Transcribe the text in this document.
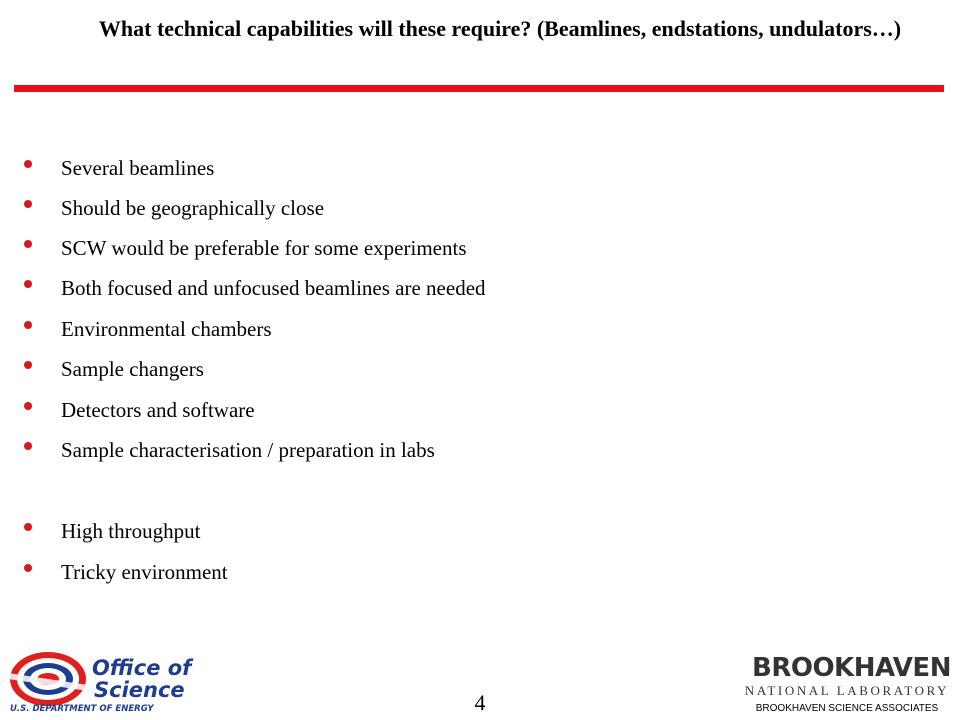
What technical capabilities will these require? (Beamlines, endstations, undulators…)
Several beamlines
Should be geographically close
SCW would be preferable for some experiments
Both focused and unfocused beamlines are needed
Environmental chambers
Sample changers
Detectors and software
Sample characterisation / preparation in labs
High throughput
Tricky environment
Office of
Science
U.S. DEPARTMENT OF ENERGY	4
BROOKHAVEN
NATIONAL LABORATORY
BROOKHAVEN SCIENCE ASSOCIATES
